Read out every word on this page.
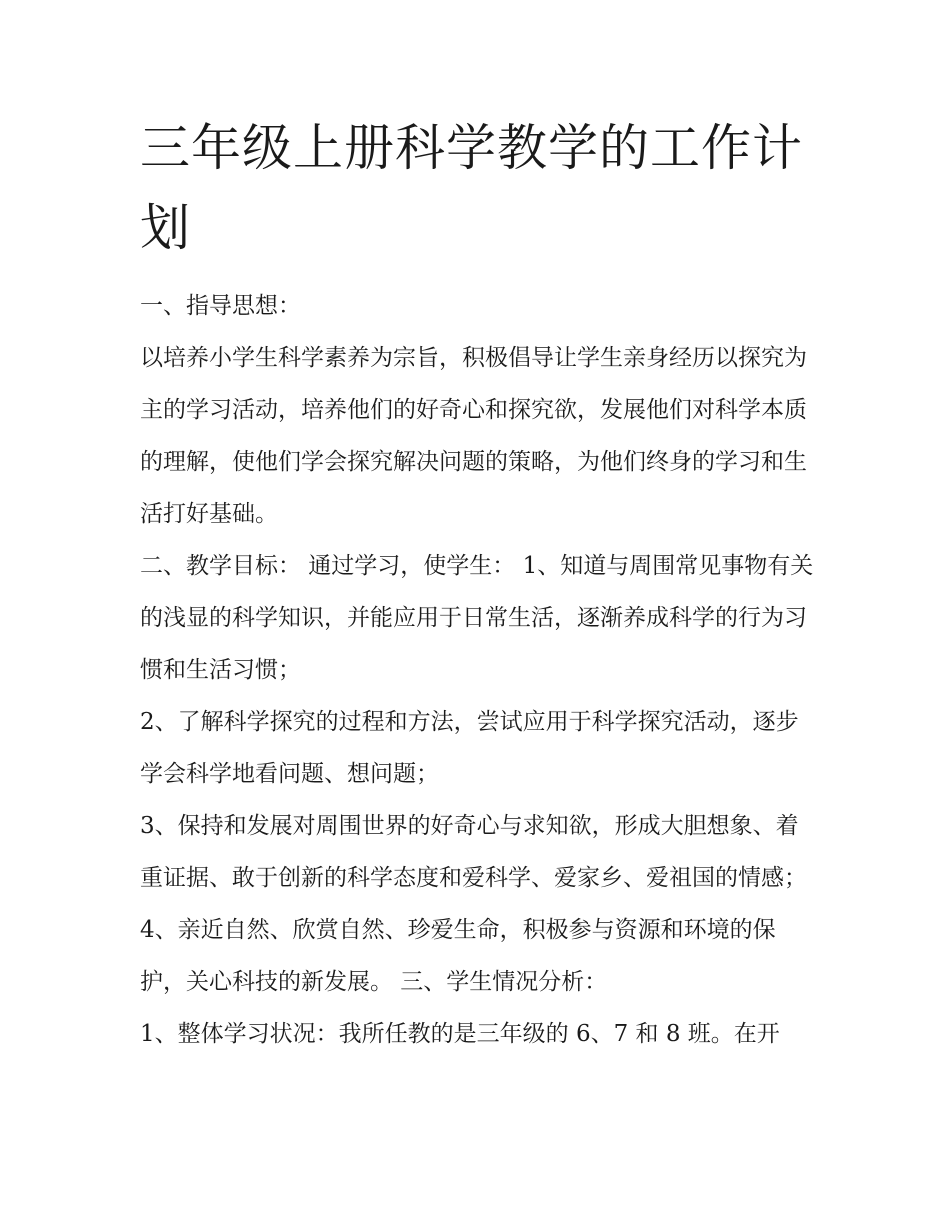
三年级上册科学教学的工作计划

一、指导思想：

以培养小学生科学素养为宗旨，积极倡导让学生亲身经历以探究为主的学习活动，培养他们的好奇心和探究欲，发展他们对科学本质的理解，使他们学会探究解决问题的策略，为他们终身的学习和生活打好基础。

二、教学目标： 通过学习，使学生： 1、知道与周围常见事物有关的浅显的科学知识，并能应用于日常生活，逐渐养成科学的行为习惯和生活习惯；

2、了解科学探究的过程和方法，尝试应用于科学探究活动，逐步学会科学地看问题、想问题；

3、保持和发展对周围世界的好奇心与求知欲，形成大胆想象、着重证据、敢于创新的科学态度和爱科学、爱家乡、爱祖国的情感；

4、亲近自然、欣赏自然、珍爱生命，积极参与资源和环境的保护，关心科技的新发展。 三、学生情况分析：

1、整体学习状况：我所任教的是三年级的 6、7 和 8 班。在开
